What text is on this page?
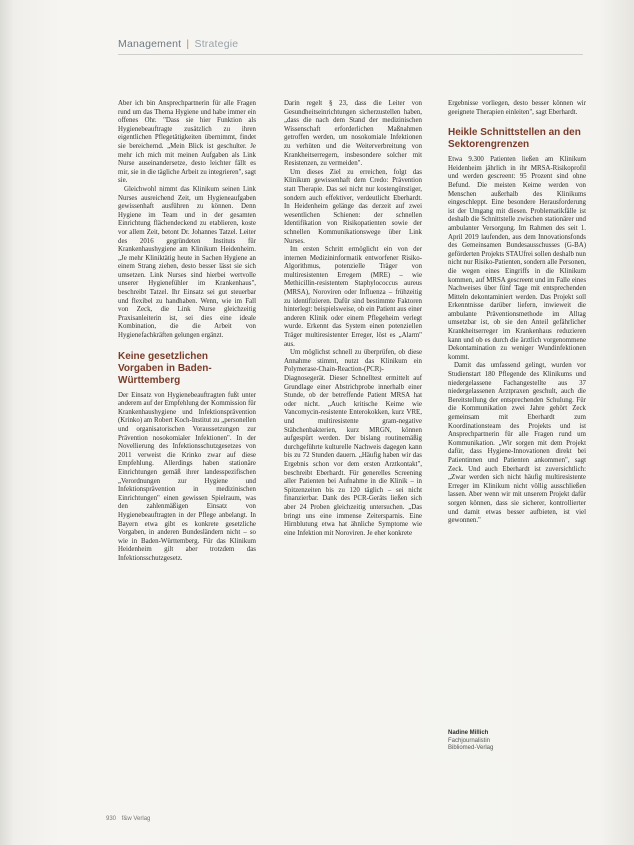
Management | Strategie

Aber ich bin Ansprechpartnerin für alle Fragen rund um das Thema Hygiene und habe immer ein offenes Ohr. "Dass sie hier Funktion als Hygienebeauftragte zusätzlich zu ihren eigentlichen Pflegetätigkeiten übernimmt, findet sie bereichernd. „Mein Blick ist geschulter. Je mehr ich mich mit meinen Aufgaben als Link Nurse auseinandersetze, desto leichter fällt es mir, sie in die tägliche Arbeit zu integrieren", sagt sie.

Gleichwohl nimmt das Klinikum seinen Link Nurses ausreichend Zeit, um Hygieneaufgaben gewissenhaft ausführen zu können. Denn Hygiene im Team und in der gesamten Einrichtung flächendeckend zu etablieren, koste vor allem Zeit, betont Dr. Johannes Tatzel. Leiter des 2016 gegründeten Instituts für Krankenhaushygiene am Klinikum Heidenheim. „Je mehr Kliniktätig heute in Sachen Hygiene an einem Strang ziehen, desto besser lässt sie sich umsetzen. Link Nurses sind hierbei wertvolle unserer Hygienefühler im Krankenhaus", beschreibt Tatzel. Ihr Einsatz sei gut steuerbar und flexibel zu handhaben. Wenn, wie im Fall von Zeck, die Link Nurse gleichzeitig Praxisanleiterin ist, sei dies eine ideale Kombination, die die Arbeit von Hygienefachkräften gelungen ergänzt.

Keine gesetzlichen Vorgaben in Baden-Württemberg

Der Einsatz von Hygienebeauftragten fußt unter anderem auf der Empfehlung der Kommission für Krankenhaushygiene und Infektionsprävention (Krinko) am Robert Koch-Institut zu „personellen und organisatorischen Voraussetzungen zur Prävention nosokomialer Infektionen". In der Novellierung des Infektionsschutzgesetzes von 2011 verweist die Krinko zwar auf diese Empfehlung. Allerdings haben stationäre Einrichtungen gemäß ihrer landesspezifischen „Verordnungen zur Hygiene und Infektionsprävention in medizinischen Einrichtungen" einen gewissen Spielraum, was den zahlenmäßigen Einsatz von Hygienebeauftragten in der Pflege anbelangt. In Bayern etwa gibt es konkrete gesetzliche Vorgaben, in anderen Bundesländern nicht – so wie in Baden-Württemberg. Für das Klinikum Heidenheim gilt aber trotzdem das Infektionsschutzgesetz.

Darin regelt § 23, dass die Leiter von Gesundheitseinrichtungen sicherzustellen haben, „dass die nach dem Stand der medizinischen Wissenschaft erforderlichen Maßnahmen getroffen werden, um nosokomiale Infektionen zu verhüten und die Weiterverbreitung von Krankheitserregern, insbesondere solcher mit Resistenzen, zu vermeiden".

Um dieses Ziel zu erreichen, folgt das Klinikum gewissenhaft dem Credo: Prävention statt Therapie. Das sei nicht nur kostengünstiger, sondern auch effektiver, verdeutlicht Eberhardt. In Heidenheim gelänge das derzeit auf zwei wesentlichen Schienen: der schnellen Identifikation von Risikopatienten sowie der schnellen Kommunikationswege über Link Nurses.

Im ersten Schritt ermöglicht ein von der internen Medizininformatik entworfener Risiko-Algorithmus, potenzielle Träger von multiresistenten Erregern (MRE) – wie Methicillin-resistentem Staphylococcus aureus (MRSA), Noroviren oder Influenza – frühzeitig zu identifizieren. Dafür sind bestimmte Faktoren hinterlegt: beispielsweise, ob ein Patient aus einer anderen Klinik oder einem Pflegeheim verlegt wurde. Erkennt das System einen potenziellen Träger multiresistenter Erreger, löst es „Alarm" aus.

Um möglichst schnell zu überprüfen, ob diese Annahme stimmt, nutzt das Klinikum ein Polymerase-Chain-Reaction-(PCR)-Diagnosegerät. Dieser Schnelltest ermittelt auf Grundlage einer Abstrichprobe innerhalb einer Stunde, ob der betreffende Patient MRSA hat oder nicht. „Auch kritische Keime wie Vancomycin-resistente Enterokokken, kurz VRE, und multiresistente gram-negative Stäbchenbakterien, kurz MRGN, können aufgespürt werden. Der bislang routinemäßig durchgeführte kulturelle Nachweis dagegen kann bis zu 72 Stunden dauern. „Häufig haben wir das Ergebnis schon vor dem ersten Arztkontakt", beschreibt Eberhardt. Für generelles Screening aller Patienten bei Aufnahme in die Klinik – in Spitzenzeiten bis zu 120 täglich – sei nicht finanzierbar. Dank des PCR-Geräts ließen sich aber 24 Proben gleichzeitig untersuchen. „Das bringt uns eine immense Zeitersparnis. Eine Hirnblutung etwa hat ähnliche Symptome wie eine Infektion mit Noroviren. Je eher konkrete

Ergebnisse vorliegen, desto besser können wir geeignete Therapien einleiten", sagt Eberhardt.

Heikle Schnittstellen an den Sektorengrenzen

Etwa 9.300 Patienten ließen am Klinikum Heidenheim jährlich in ihr MRSA-Risikoprofil und werden gescreent: 95 Prozent sind ohne Befund. Die meisten Keime werden von Menschen außerhalb des Klinikums eingeschleppt. Eine besondere Herausforderung ist der Umgang mit diesen. Problematikfälle ist deshalb die Schnittstelle zwischen stationärer und ambulanter Versorgung. Im Rahmen des seit 1. April 2019 laufenden, aus dem Innovationsfonds des Gemeinsamen Bundesausschusses (G-BA) geförderten Projekts STAUfrei sollen deshalb nun nicht nur Risiko-Patienten, sondern alle Personen, die wegen eines Eingriffs in die Klinikum kommen, auf MRSA gescreent und im Falle eines Nachweises über fünf Tage mit entsprechenden Mitteln dekontaminiert werden. Das Projekt soll Erkenntnisse darüber liefern, inwieweit die ambulante Präventionsmethode im Alltag umsetzbar ist, ob sie den Anteil gefährlicher Krankheitserreger im Krankenhaus reduzieren kann und ob es durch die ärztlich vorgenommene Dekontamination zu weniger Wundinfektionen kommt.

Damit das umfassend gelingt, wurden vor Studienstart 180 Pflegende des Klinikums und niedergelassene Fachangestellte aus 37 niedergelassenen Arztpraxen geschult, auch die Bereitstellung der entsprechenden Schulung. Für die Kommunikation zwei Jahre gehört Zeck gemeinsam mit Eberhardt zum Koordinationsteam des Projekts und ist Ansprechpartnerin für alle Fragen rund um Kommunikation. „Wir sorgen mit dem Projekt dafür, dass Hygiene-Innovationen direkt bei Patientinnen und Patienten ankommen", sagt Zeck. Und auch Eberhardt ist zuversichtlich: „Zwar werden sich nicht häufig multiresistente Erreger im Klinikum nicht völlig ausschließen lassen. Aber wenn wir mit unserem Projekt dafür sorgen können, dass sie sicherer, kontrollierter und damit etwas besser aufbieten, ist viel gewonnen."

Nadine Millich
Fachjournalistin
Bibliomed-Verlag
930 f&w Verlag
